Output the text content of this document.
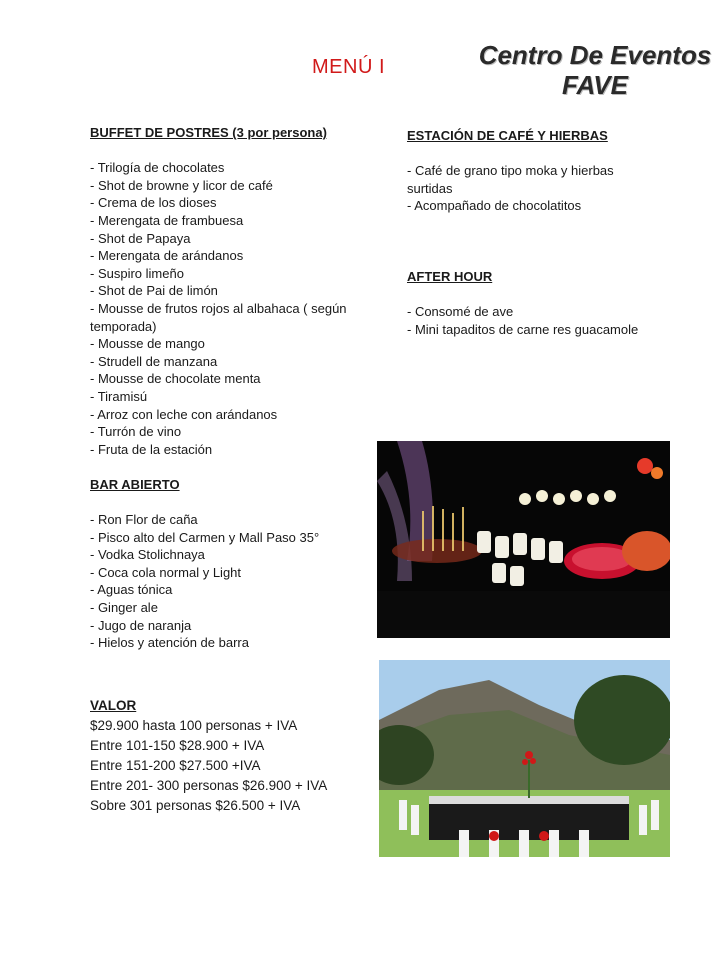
MENÚ I	Centro De Eventos
FAVE

BUFFET DE POSTRES (3 por persona)

- Trilogía de chocolates
- Shot de browne y licor de café
- Crema de los dioses
- Merengata de frambuesa
- Shot de Papaya
- Merengata de arándanos
- Suspiro limeño
- Shot de Pai de limón
- Mousse de frutos rojos al albahaca ( según temporada)
- Mousse de mango
- Strudell de manzana
- Mousse de chocolate menta
- Tiramisú
- Arroz con leche con arándanos
- Turrón de vino
- Fruta de la estación

BAR ABIERTO

- Ron Flor de caña
- Pisco alto del Carmen y Mall Paso 35°
- Vodka Stolichnaya
- Coca cola normal y Light
- Aguas tónica
- Ginger ale
- Jugo de naranja
- Hielos y atención de barra

VALOR

$29.900 hasta 100 personas + IVA
Entre 101-150 $28.900 + IVA
Entre 151-200 $27.500 +IVA
Entre 201- 300 personas $26.900 + IVA
Sobre 301 personas $26.500 + IVA

ESTACIÓN DE CAFÉ Y HIERBAS

- Café de grano tipo moka y hierbas surtidas
- Acompañado de chocolatitos

AFTER HOUR

- Consomé de ave
- Mini tapaditos de carne res guacamole
